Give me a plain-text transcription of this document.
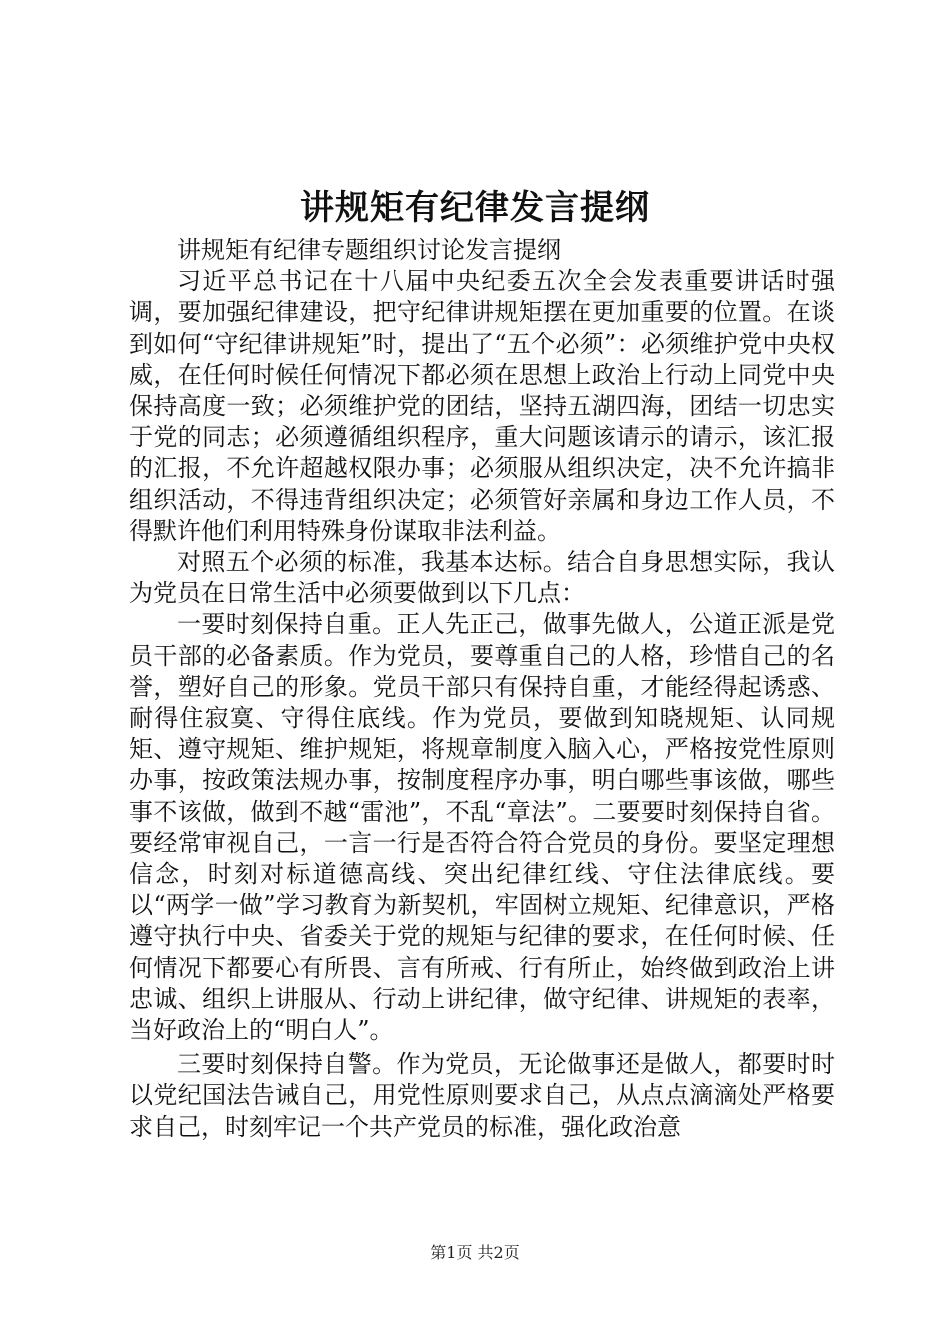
讲规矩有纪律发言提纲

讲规矩有纪律专题组织讨论发言提纲

习近平总书记在十八届中央纪委五次全会发表重要讲话时强调，要加强纪律建设，把守纪律讲规矩摆在更加重要的位置。在谈到如何“守纪律讲规矩”时，提出了“五个必须”：必须维护党中央权威，在任何时候任何情况下都必须在思想上政治上行动上同党中央保持高度一致；必须维护党的团结，坚持五湖四海，团结一切忠实于党的同志；必须遵循组织程序，重大问题该请示的请示，该汇报的汇报，不允许超越权限办事；必须服从组织决定，决不允许搞非组织活动，不得违背组织决定；必须管好亲属和身边工作人员，不得默许他们利用特殊身份谋取非法利益。

对照五个必须的标准，我基本达标。结合自身思想实际，我认为党员在日常生活中必须要做到以下几点：

一要时刻保持自重。正人先正己，做事先做人，公道正派是党员干部的必备素质。作为党员，要尊重自己的人格，珍惜自己的名誉，塑好自己的形象。党员干部只有保持自重，才能经得起诱惑、耐得住寂寞、守得住底线。作为党员，要做到知晓规矩、认同规矩、遵守规矩、维护规矩，将规章制度入脑入心，严格按党性原则办事，按政策法规办事，按制度程序办事，明白哪些事该做，哪些事不该做，做到不越“雷池”，不乱“章法”。二要要时刻保持自省。要经常审视自己，一言一行是否符合符合党员的身份。要坚定理想信念，时刻对标道德高线、突出纪律红线、守住法律底线。要以“两学一做”学习教育为新契机，牢固树立规矩、纪律意识，严格遵守执行中央、省委关于党的规矩与纪律的要求，在任何时候、任何情况下都要心有所畏、言有所戒、行有所止，始终做到政治上讲忠诚、组织上讲服从、行动上讲纪律，做守纪律、讲规矩的表率，当好政治上的“明白人”。

三要时刻保持自警。作为党员，无论做事还是做人，都要时时以党纪国法告诫自己，用党性原则要求自己，从点点滴滴处严格要求自己，时刻牢记一个共产党员的标准，强化政治意

第1页 共2页
